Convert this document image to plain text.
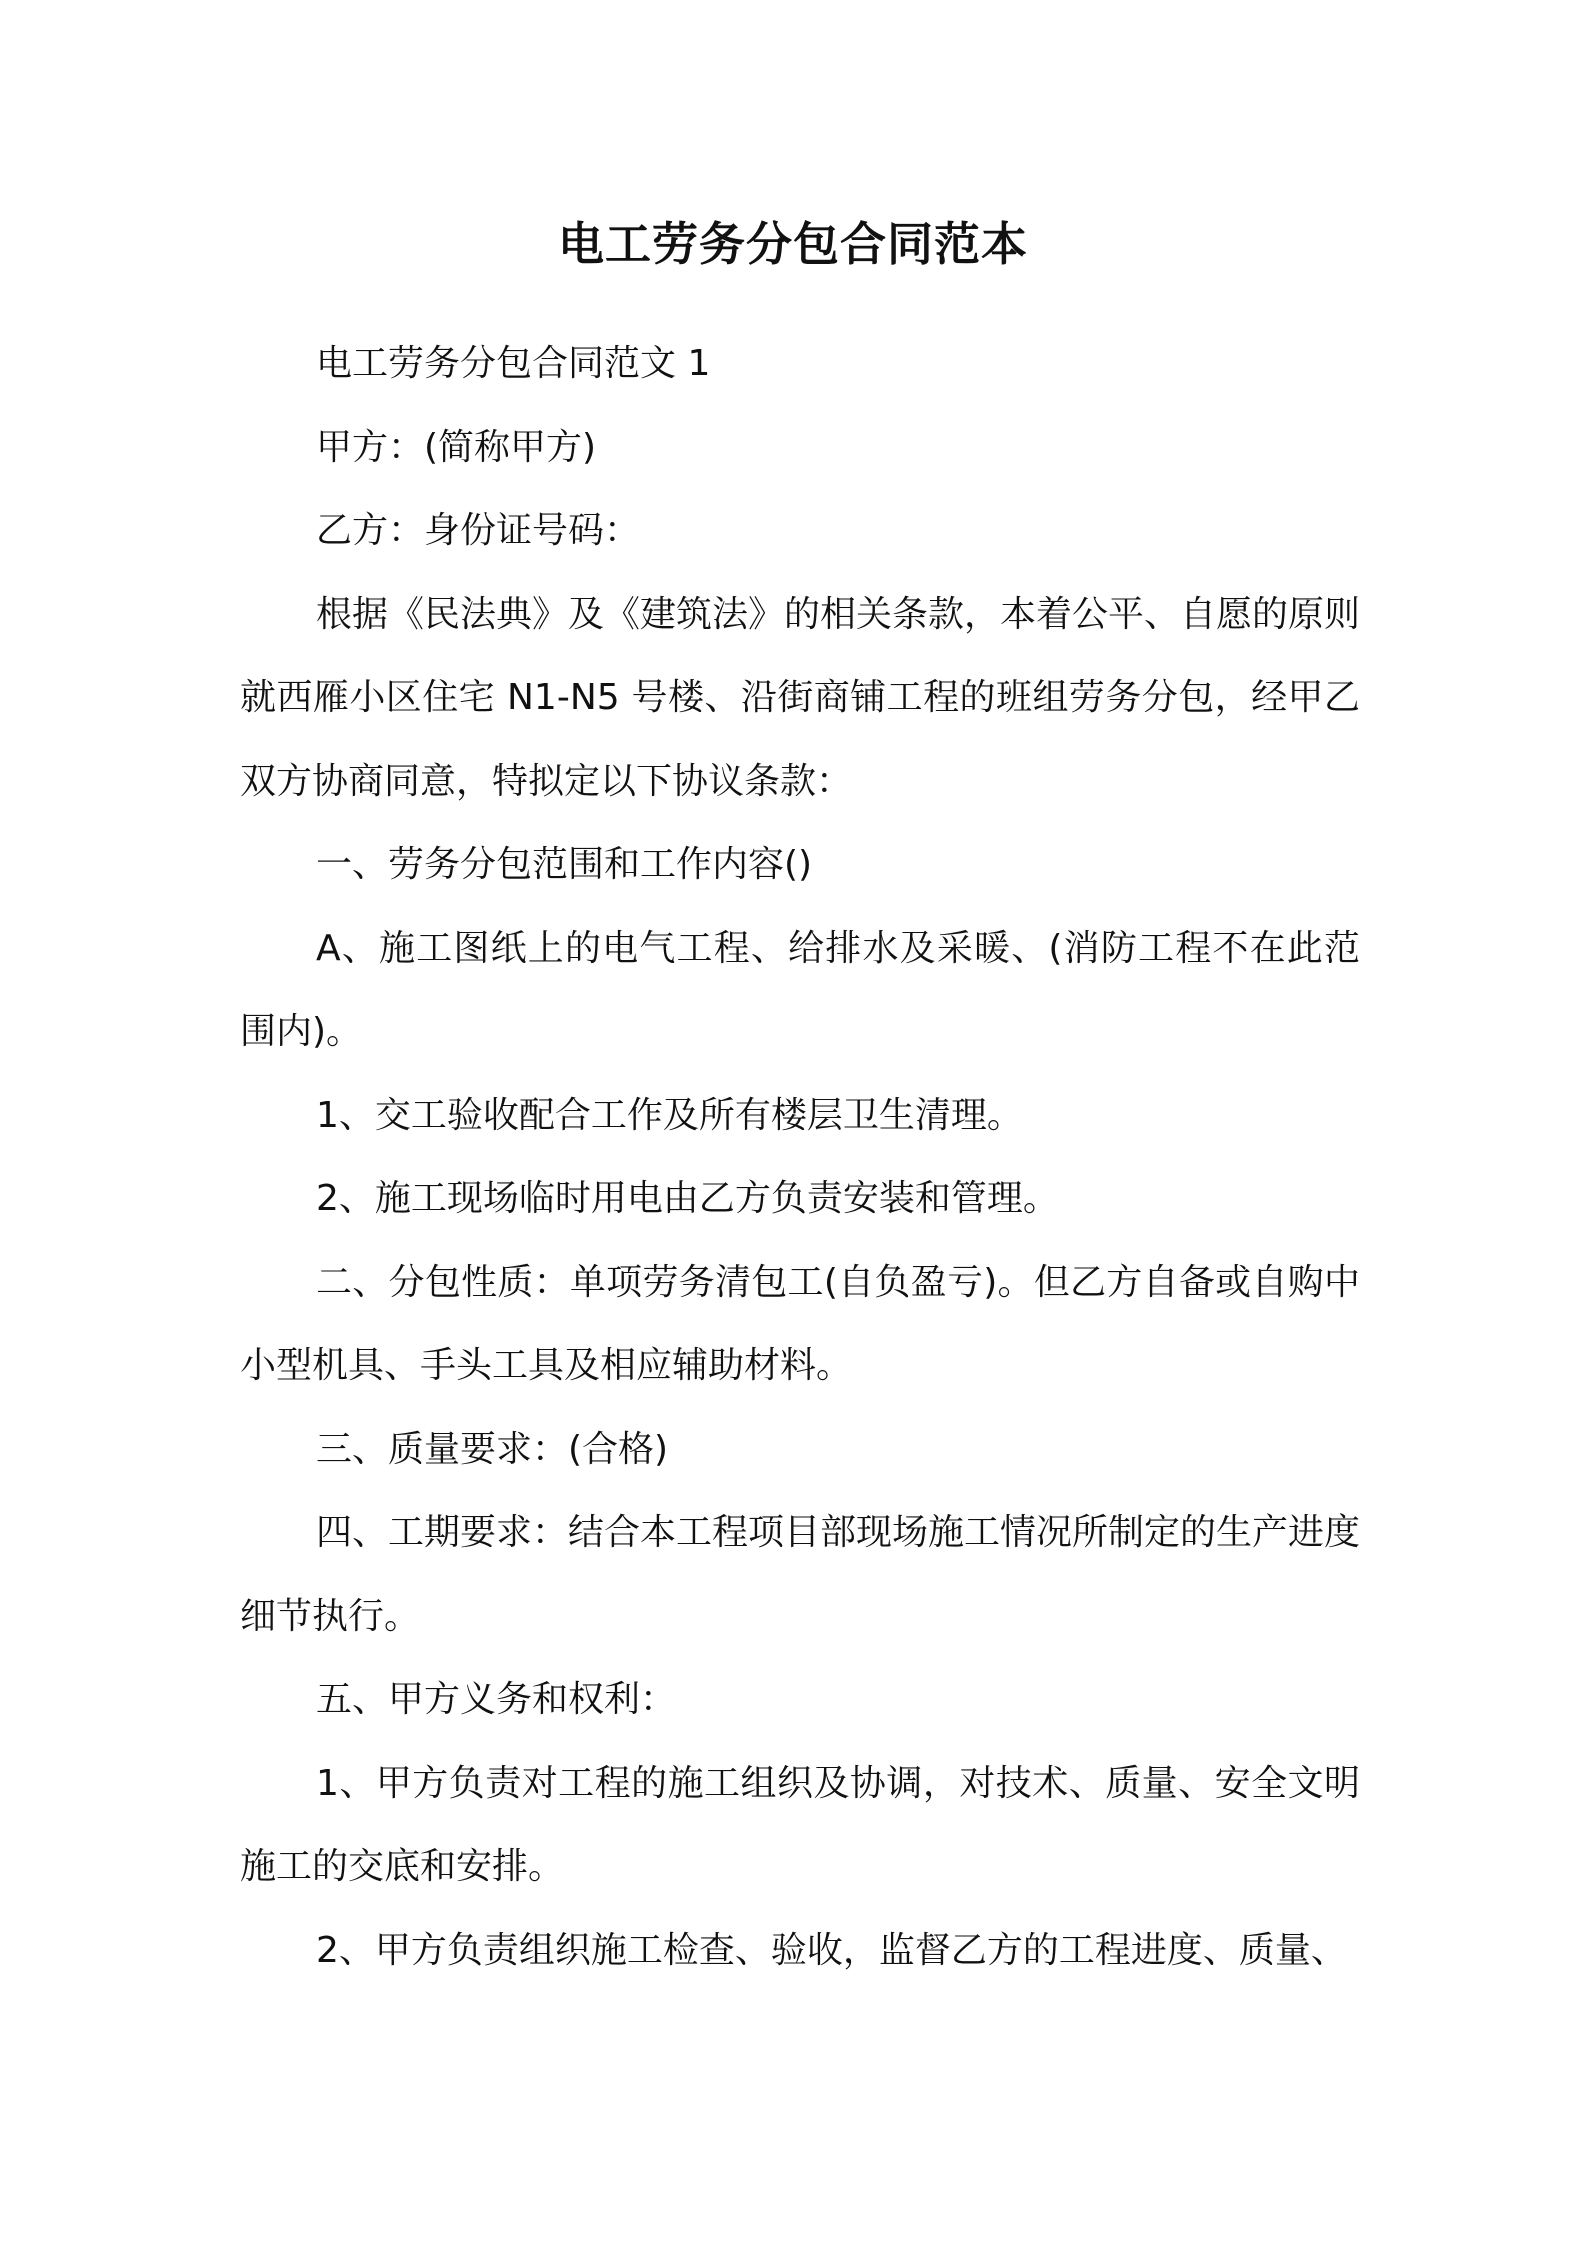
电工劳务分包合同范本

电工劳务分包合同范文 1

甲方：(简称甲方)

乙方：身份证号码：

根据《民法典》及《建筑法》的相关条款，本着公平、自愿的原则就西雁小区住宅 N1-N5 号楼、沿街商铺工程的班组劳务分包，经甲乙双方协商同意，特拟定以下协议条款：

一、劳务分包范围和工作内容()

A、施工图纸上的电气工程、给排水及采暖、(消防工程不在此范围内)。

1、交工验收配合工作及所有楼层卫生清理。

2、施工现场临时用电由乙方负责安装和管理。

二、分包性质：单项劳务清包工(自负盈亏)。但乙方自备或自购中小型机具、手头工具及相应辅助材料。

三、质量要求：(合格)

四、工期要求：结合本工程项目部现场施工情况所制定的生产进度细节执行。

五、甲方义务和权利：

1、甲方负责对工程的施工组织及协调，对技术、质量、安全文明施工的交底和安排。

2、甲方负责组织施工检查、验收，监督乙方的工程进度、质量、
